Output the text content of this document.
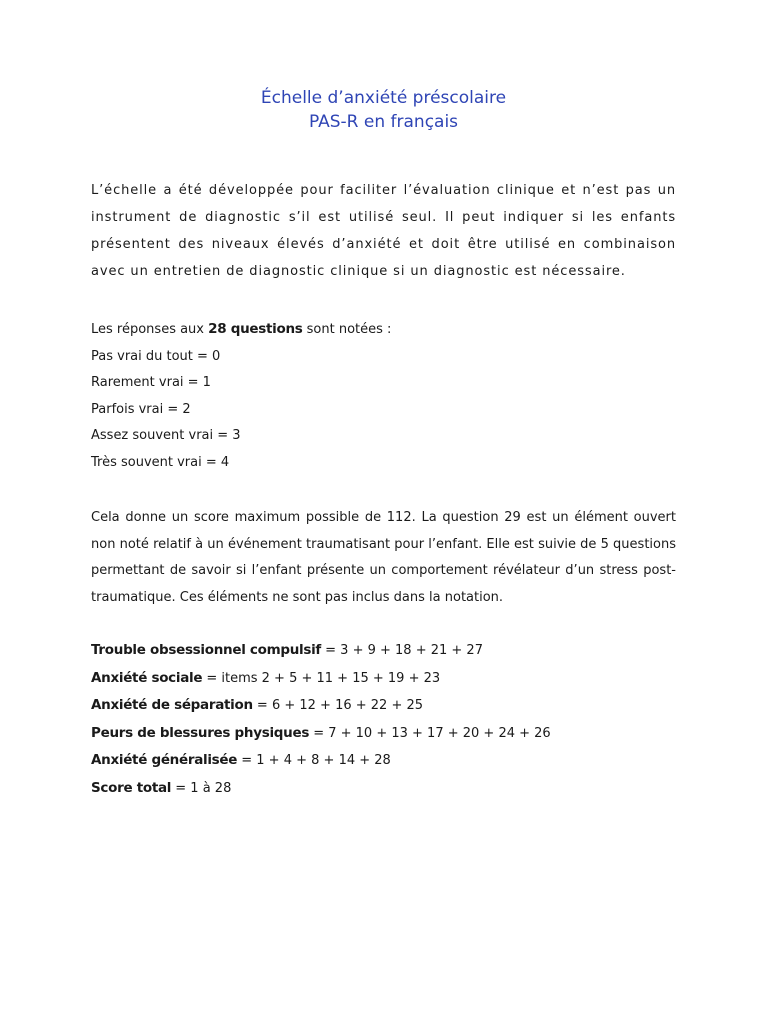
Échelle d’anxiété préscolaire
PAS-R en français

L’échelle a été développée pour faciliter l’évaluation clinique et n’est pas un instrument de diagnostic s’il est utilisé seul. Il peut indiquer si les enfants présentent des niveaux élevés d’anxiété et doit être utilisé en combinaison avec un entretien de diagnostic clinique si un diagnostic est nécessaire.

Les réponses aux 28 questions sont notées :
Pas vrai du tout = 0
Rarement vrai = 1
Parfois vrai = 2
Assez souvent vrai = 3
Très souvent vrai = 4

Cela donne un score maximum possible de 112. La question 29 est un élément ouvert non noté relatif à un événement traumatisant pour l’enfant. Elle est suivie de 5 questions permettant de savoir si l’enfant présente un comportement révélateur d’un stress post-traumatique. Ces éléments ne sont pas inclus dans la notation.

Trouble obsessionnel compulsif = 3 + 9 + 18 + 21 + 27
Anxiété sociale = items 2 + 5 + 11 + 15 + 19 + 23
Anxiété de séparation = 6 + 12 + 16 + 22 + 25
Peurs de blessures physiques = 7 + 10 + 13 + 17 + 20 + 24 + 26
Anxiété généralisée = 1 + 4 + 8 + 14 + 28
Score total = 1 à 28
